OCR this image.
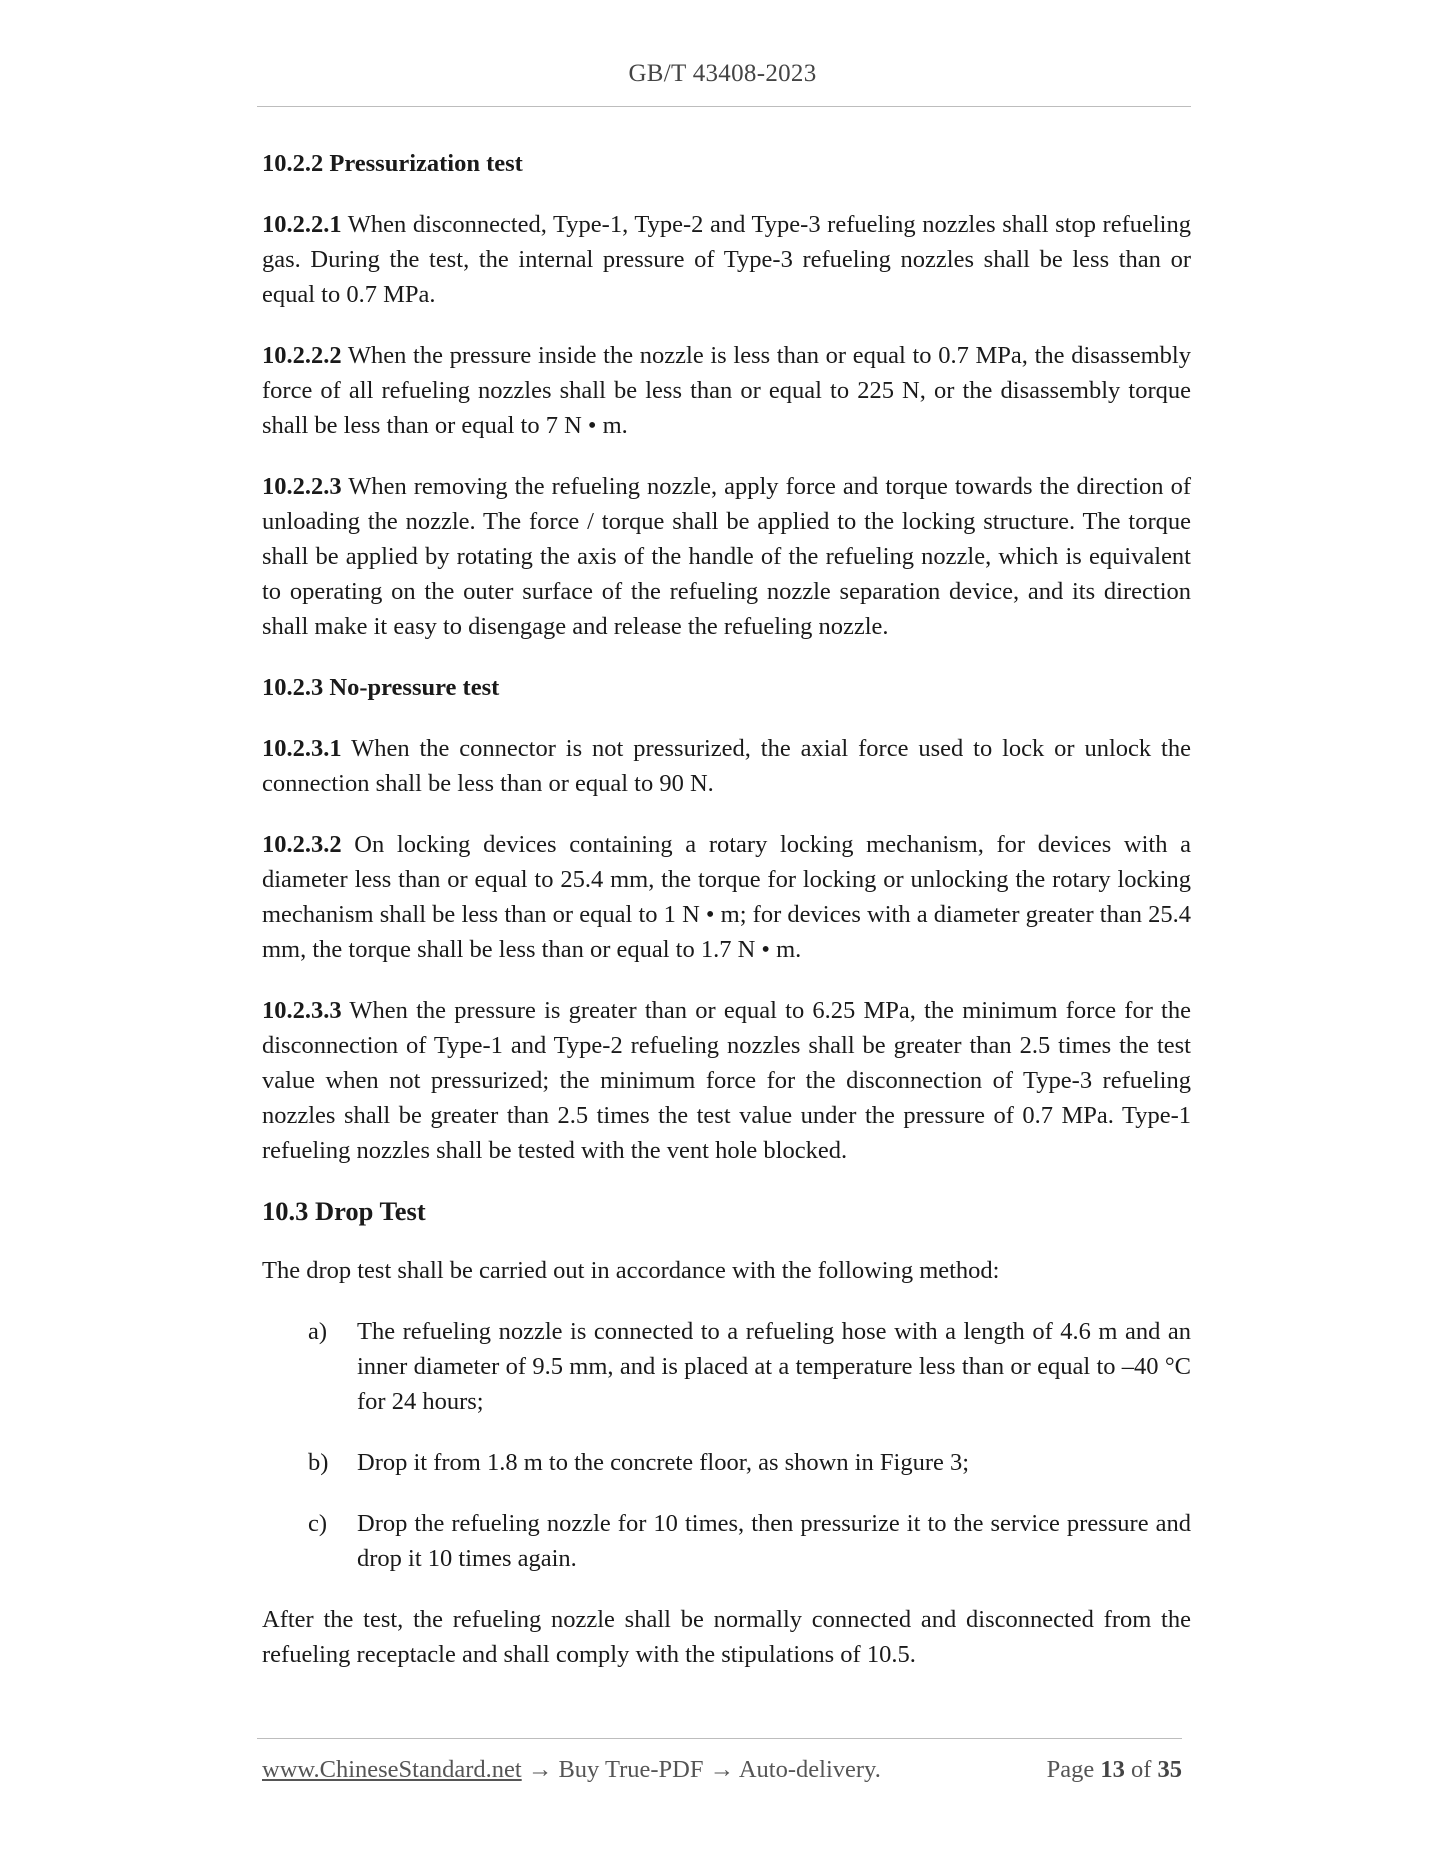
GB/T 43408-2023
10.2.2 Pressurization test

10.2.2.1 When disconnected, Type-1, Type-2 and Type-3 refueling nozzles shall stop refueling gas. During the test, the internal pressure of Type-3 refueling nozzles shall be less than or equal to 0.7 MPa.

10.2.2.2 When the pressure inside the nozzle is less than or equal to 0.7 MPa, the disassembly force of all refueling nozzles shall be less than or equal to 225 N, or the disassembly torque shall be less than or equal to 7 N • m.

10.2.2.3 When removing the refueling nozzle, apply force and torque towards the direction of unloading the nozzle. The force / torque shall be applied to the locking structure. The torque shall be applied by rotating the axis of the handle of the refueling nozzle, which is equivalent to operating on the outer surface of the refueling nozzle separation device, and its direction shall make it easy to disengage and release the refueling nozzle.

10.2.3 No-pressure test

10.2.3.1 When the connector is not pressurized, the axial force used to lock or unlock the connection shall be less than or equal to 90 N.

10.2.3.2 On locking devices containing a rotary locking mechanism, for devices with a diameter less than or equal to 25.4 mm, the torque for locking or unlocking the rotary locking mechanism shall be less than or equal to 1 N • m; for devices with a diameter greater than 25.4 mm, the torque shall be less than or equal to 1.7 N • m.

10.2.3.3 When the pressure is greater than or equal to 6.25 MPa, the minimum force for the disconnection of Type-1 and Type-2 refueling nozzles shall be greater than 2.5 times the test value when not pressurized; the minimum force for the disconnection of Type-3 refueling nozzles shall be greater than 2.5 times the test value under the pressure of 0.7 MPa. Type-1 refueling nozzles shall be tested with the vent hole blocked.

10.3 Drop Test

The drop test shall be carried out in accordance with the following method:

a)	The refueling nozzle is connected to a refueling hose with a length of 4.6 m and an inner diameter of 9.5 mm, and is placed at a temperature less than or equal to –40 °C for 24 hours;
b)	Drop it from 1.8 m to the concrete floor, as shown in Figure 3;
c)	Drop the refueling nozzle for 10 times, then pressurize it to the service pressure and drop it 10 times again.

After the test, the refueling nozzle shall be normally connected and disconnected from the refueling receptacle and shall comply with the stipulations of 10.5.

www.ChineseStandard.net → Buy True-PDF → Auto-delivery.	Page 13 of 35
